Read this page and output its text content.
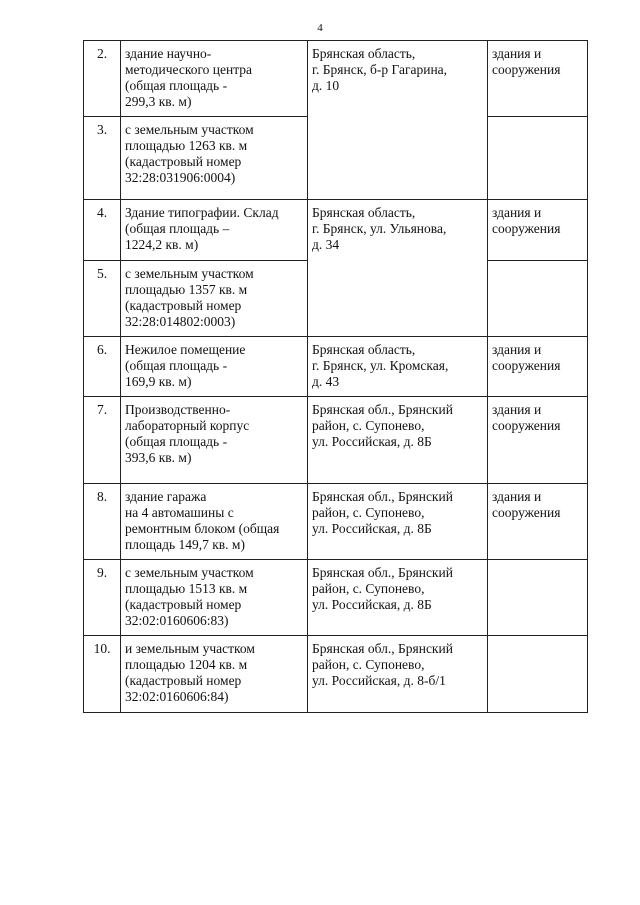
4
2.	здание научно-
методического центра
(общая площадь -
299,3 кв. м)	Брянская область,
г. Брянск, б-р Гагарина,
д. 10	здания и
сооружения
3.	с земельным участком
площадью 1263 кв. м
(кадастровый номер
32:28:031906:0004)		
4.	Здание типографии. Склад
(общая площадь –
1224,2 кв. м)	Брянская область,
г. Брянск, ул. Ульянова,
д. 34	здания и
сооружения
5.	с земельным участком
площадью 1357 кв. м
(кадастровый номер
32:28:014802:0003)		
6.	Нежилое помещение
(общая площадь -
169,9 кв. м)	Брянская область,
г. Брянск, ул. Кромская,
д. 43	здания и
сооружения
7.	Производственно-
лабораторный корпус
(общая площадь -
393,6 кв. м)	Брянская обл., Брянский
район, с. Супонево,
ул. Российская, д. 8Б	здания и
сооружения
8.	здание гаража
на 4 автомашины с
ремонтным блоком (общая
площадь 149,7 кв. м)	Брянская обл., Брянский
район, с. Супонево,
ул. Российская, д. 8Б	здания и
сооружения
9.	с земельным участком
площадью 1513 кв. м
(кадастровый номер
32:02:0160606:83)	Брянская обл., Брянский
район, с. Супонево,
ул. Российская, д. 8Б	
10.	и земельным участком
площадью 1204 кв. м
(кадастровый номер
32:02:0160606:84)	Брянская обл., Брянский
район, с. Супонево,
ул. Российская, д. 8-б/1	
